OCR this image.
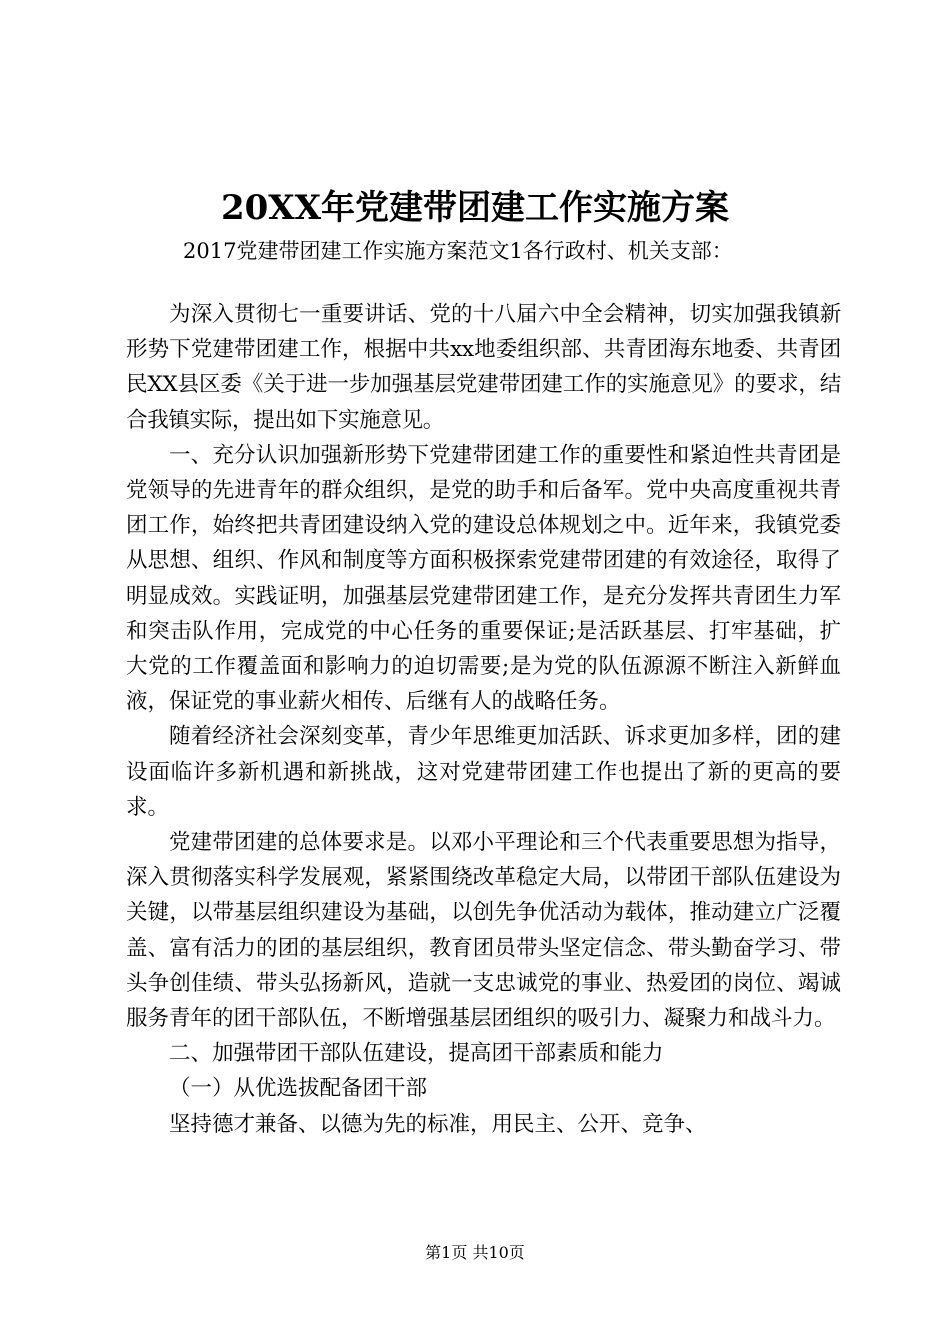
20XX年党建带团建工作实施方案
2017党建带团建工作实施方案范文1各行政村、机关支部：

为深入贯彻七一重要讲话、党的十八届六中全会精神，切实加强我镇新形势下党建带团建工作，根据中共xx地委组织部、共青团海东地委、共青团民XX县区委《关于进一步加强基层党建带团建工作的实施意见》的要求，结合我镇实际，提出如下实施意见。

一、充分认识加强新形势下党建带团建工作的重要性和紧迫性共青团是党领导的先进青年的群众组织，是党的助手和后备军。党中央高度重视共青团工作，始终把共青团建设纳入党的建设总体规划之中。近年来，我镇党委从思想、组织、作风和制度等方面积极探索党建带团建的有效途径，取得了明显成效。实践证明，加强基层党建带团建工作，是充分发挥共青团生力军和突击队作用，完成党的中心任务的重要保证;是活跃基层、打牢基础，扩大党的工作覆盖面和影响力的迫切需要;是为党的队伍源源不断注入新鲜血液，保证党的事业薪火相传、后继有人的战略任务。

随着经济社会深刻变革，青少年思维更加活跃、诉求更加多样，团的建设面临许多新机遇和新挑战，这对党建带团建工作也提出了新的更高的要求。

党建带团建的总体要求是。以邓小平理论和三个代表重要思想为指导，深入贯彻落实科学发展观，紧紧围绕改革稳定大局，以带团干部队伍建设为关键，以带基层组织建设为基础，以创先争优活动为载体，推动建立广泛覆盖、富有活力的团的基层组织，教育团员带头坚定信念、带头勤奋学习、带头争创佳绩、带头弘扬新风，造就一支忠诚党的事业、热爱团的岗位、竭诚服务青年的团干部队伍，不断增强基层团组织的吸引力、凝聚力和战斗力。

二、加强带团干部队伍建设，提高团干部素质和能力

（一）从优选拔配备团干部

坚持德才兼备、以德为先的标准，用民主、公开、竞争、

第1页 共10页
